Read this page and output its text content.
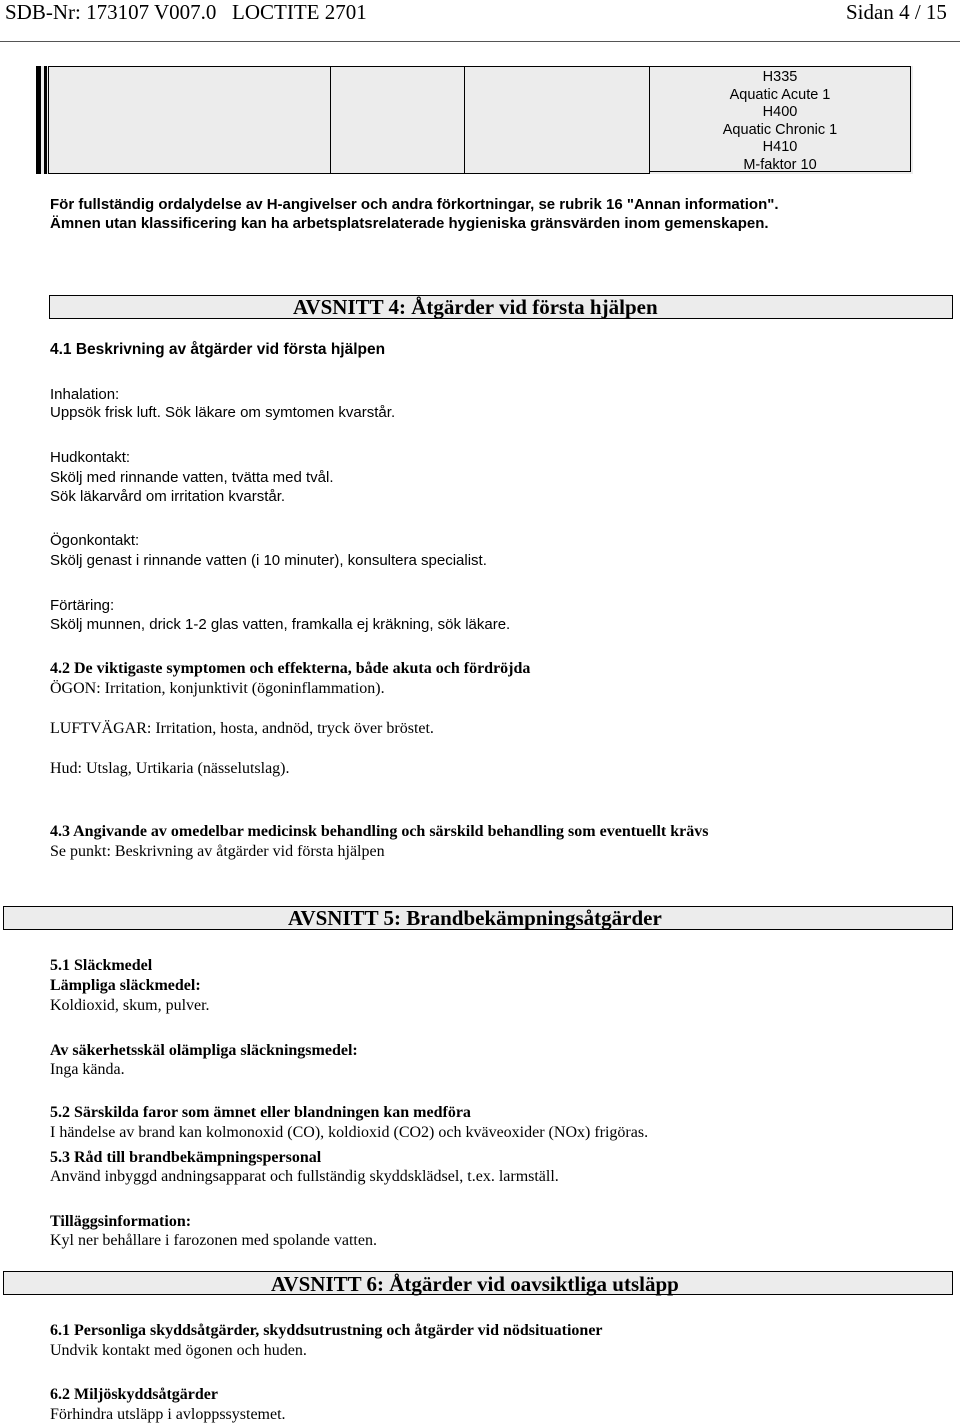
SDB-Nr: 173107 V007.0 LOCTITE 2701	Sidan 4 / 15
H335
Aquatic Acute 1
H400
Aquatic Chronic 1
H410
M-faktor 10
För fullständig ordalydelse av H-angivelser och andra förkortningar, se rubrik 16 "Annan information".
Ämnen utan klassificering kan ha arbetsplatsrelaterade hygieniska gränsvärden inom gemenskapen.
AVSNITT 4: Åtgärder vid första hjälpen
4.1 Beskrivning av åtgärder vid första hjälpen
Inhalation:
Uppsök frisk luft. Sök läkare om symtomen kvarstår.
Hudkontakt:
Skölj med rinnande vatten, tvätta med tvål.
Sök läkarvård om irritation kvarstår.
Ögonkontakt:
Skölj genast i rinnande vatten (i 10 minuter), konsultera specialist.
Förtäring:
Skölj munnen, drick 1-2 glas vatten, framkalla ej kräkning, sök läkare.
4.2 De viktigaste symptomen och effekterna, både akuta och fördröjda
ÖGON: Irritation, konjunktivit (ögoninflammation).
LUFTVÄGAR: Irritation, hosta, andnöd, tryck över bröstet.
Hud: Utslag, Urtikaria (nässelutslag).
4.3 Angivande av omedelbar medicinsk behandling och särskild behandling som eventuellt krävs
Se punkt: Beskrivning av åtgärder vid första hjälpen
AVSNITT 5: Brandbekämpningsåtgärder
5.1 Släckmedel
Lämpliga släckmedel:
Koldioxid, skum, pulver.
Av säkerhetsskäl olämpliga släckningsmedel:
Inga kända.
5.2 Särskilda faror som ämnet eller blandningen kan medföra
I händelse av brand kan kolmonoxid (CO), koldioxid (CO2) och kväveoxider (NOx) frigöras.
5.3 Råd till brandbekämpningspersonal
Använd inbyggd andningsapparat och fullständig skyddsklädsel, t.ex. larmställ.
Tilläggsinformation:
Kyl ner behållare i farozonen med spolande vatten.
AVSNITT 6: Åtgärder vid oavsiktliga utsläpp
6.1 Personliga skyddsåtgärder, skyddsutrustning och åtgärder vid nödsituationer
Undvik kontakt med ögonen och huden.
6.2 Miljöskyddsåtgärder
Förhindra utsläpp i avloppssystemet.
